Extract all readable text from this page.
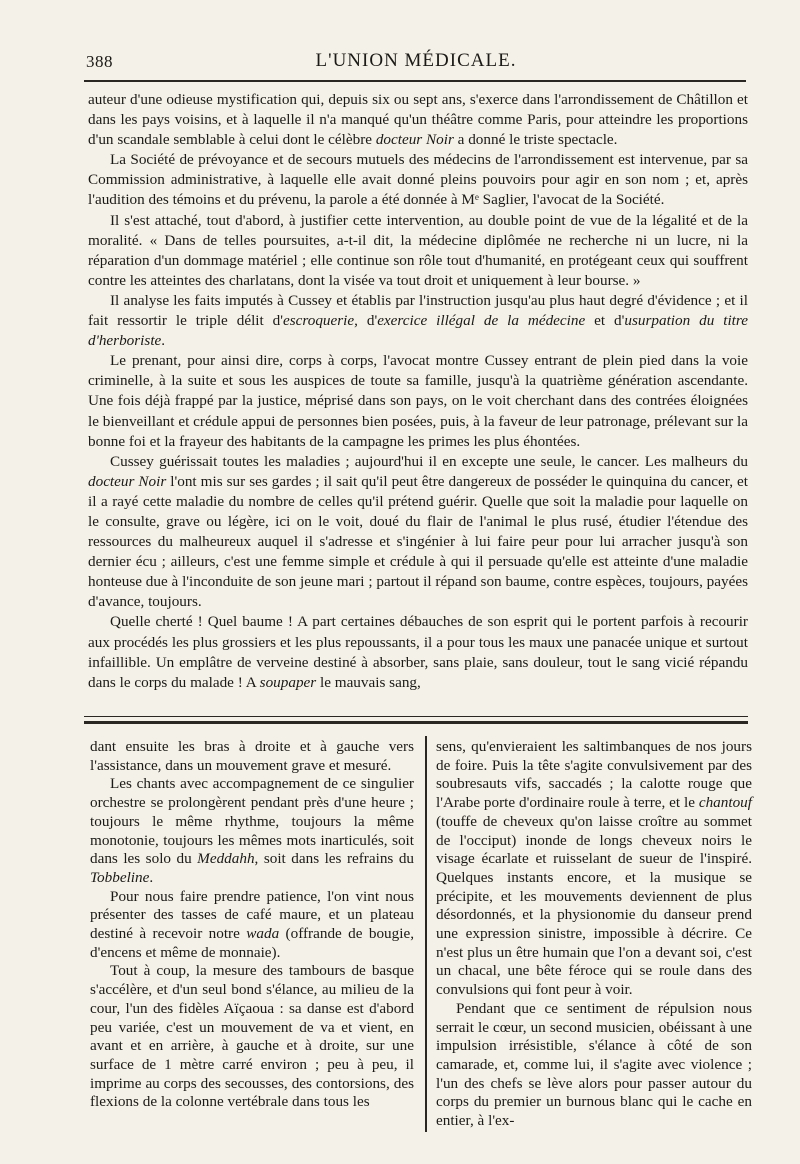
388	L'UNION MÉDICALE.

auteur d'une odieuse mystification qui, depuis six ou sept ans, s'exerce dans l'arrondissement de Châtillon et dans les pays voisins, et à laquelle il n'a manqué qu'un théâtre comme Paris, pour atteindre les proportions d'un scandale semblable à celui dont le célèbre docteur Noir a donné le triste spectacle.

La Société de prévoyance et de secours mutuels des médecins de l'arrondissement est intervenue, par sa Commission administrative, à laquelle elle avait donné pleins pouvoirs pour agir en son nom ; et, après l'audition des témoins et du prévenu, la parole a été donnée à Mᵉ Saglier, l'avocat de la Société.

Il s'est attaché, tout d'abord, à justifier cette intervention, au double point de vue de la légalité et de la moralité. « Dans de telles poursuites, a-t-il dit, la médecine diplômée ne recherche ni un lucre, ni la réparation d'un dommage matériel ; elle continue son rôle tout d'humanité, en protégeant ceux qui souffrent contre les atteintes des charlatans, dont la visée va tout droit et uniquement à leur bourse. »

Il analyse les faits imputés à Cussey et établis par l'instruction jusqu'au plus haut degré d'évidence ; et il fait ressortir le triple délit d'escroquerie, d'exercice illégal de la médecine et d'usurpation du titre d'herboriste.

Le prenant, pour ainsi dire, corps à corps, l'avocat montre Cussey entrant de plein pied dans la voie criminelle, à la suite et sous les auspices de toute sa famille, jusqu'à la quatrième génération ascendante. Une fois déjà frappé par la justice, méprisé dans son pays, on le voit cherchant dans des contrées éloignées le bienveillant et crédule appui de personnes bien posées, puis, à la faveur de leur patronage, prélevant sur la bonne foi et la frayeur des habitants de la campagne les primes les plus éhontées.

Cussey guérissait toutes les maladies ; aujourd'hui il en excepte une seule, le cancer. Les malheurs du docteur Noir l'ont mis sur ses gardes ; il sait qu'il peut être dangereux de posséder le quinquina du cancer, et il a rayé cette maladie du nombre de celles qu'il prétend guérir. Quelle que soit la maladie pour laquelle on le consulte, grave ou légère, ici on le voit, doué du flair de l'animal le plus rusé, étudier l'étendue des ressources du malheureux auquel il s'adresse et s'ingénier à lui faire peur pour lui arracher jusqu'à son dernier écu ; ailleurs, c'est une femme simple et crédule à qui il persuade qu'elle est atteinte d'une maladie honteuse due à l'inconduite de son jeune mari ; partout il répand son baume, contre espèces, toujours, payées d'avance, toujours.

Quelle cherté ! Quel baume ! A part certaines débauches de son esprit qui le portent parfois à recourir aux procédés les plus grossiers et les plus repoussants, il a pour tous les maux une panacée unique et surtout infaillible. Un emplâtre de verveine destiné à absorber, sans plaie, sans douleur, tout le sang vicié répandu dans le corps du malade ! A soupaper le mauvais sang,

dant ensuite les bras à droite et à gauche vers l'assistance, dans un mouvement grave et mesuré.

Les chants avec accompagnement de ce singulier orchestre se prolongèrent pendant près d'une heure ; toujours le même rhythme, toujours la même monotonie, toujours les mêmes mots inarticulés, soit dans les solo du Meddahh, soit dans les refrains du Tobbeline.

Pour nous faire prendre patience, l'on vint nous présenter des tasses de café maure, et un plateau destiné à recevoir notre wada (offrande de bougie, d'encens et même de monnaie).

Tout à coup, la mesure des tambours de basque s'accélère, et d'un seul bond s'élance, au milieu de la cour, l'un des fidèles Aïçaoua : sa danse est d'abord peu variée, c'est un mouvement de va et vient, en avant et en arrière, à gauche et à droite, sur une surface de 1 mètre carré environ ; peu à peu, il imprime au corps des secousses, des contorsions, des flexions de la colonne vertébrale dans tous les

sens, qu'envieraient les saltimbanques de nos jours de foire. Puis la tête s'agite convulsivement par des soubresauts vifs, saccadés ; la calotte rouge que l'Arabe porte d'ordinaire roule à terre, et le chantouf (touffe de cheveux qu'on laisse croître au sommet de l'occiput) inonde de longs cheveux noirs le visage écarlate et ruisselant de sueur de l'inspiré. Quelques instants encore, et la musique se précipite, et les mouvements deviennent de plus désordonnés, et la physionomie du danseur prend une expression sinistre, impossible à décrire. Ce n'est plus un être humain que l'on a devant soi, c'est un chacal, une bête féroce qui se roule dans des convulsions qui font peur à voir.

Pendant que ce sentiment de répulsion nous serrait le cœur, un second musicien, obéissant à une impulsion irrésistible, s'élance à côté de son camarade, et, comme lui, il s'agite avec violence ; l'un des chefs se lève alors pour passer autour du corps du premier un burnous blanc qui le cache en entier, à l'ex-
